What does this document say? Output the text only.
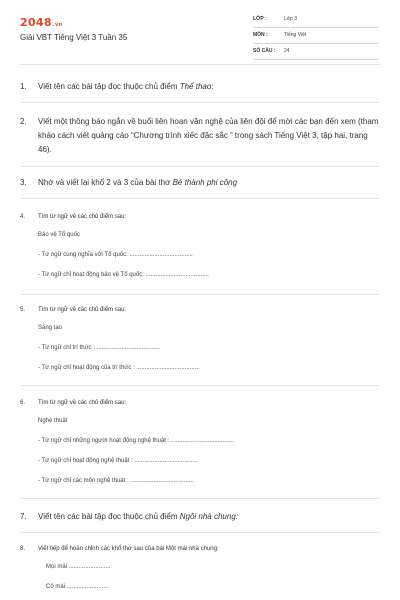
2048.vn
Giải VBT Tiếng Việt 3 Tuần 35
LỚP :	Lớp 3
MÔN :	Tiếng Việt
SỐ CÂU : 24
1. Viết tên các bài tập đọc thuộc chủ điểm Thể thao:
2. Viết một thông báo ngắn về buổi liên hoan văn nghệ của liên đội để mời các bạn đến xem (tham khảo cách viết quảng cáo “Chương trình xiếc đặc sắc ” trong sách Tiếng Việt 3, tập hai, trang 46).
3. Nhớ và viết lại khổ 2 và 3 của bài thơ Bé thành phi công
4. Tìm từ ngữ về các chủ điểm sau:
Bảo vệ Tổ quốc
- Từ ngữ cùng nghĩa với Tổ quốc: ......................................
- Từ ngữ chỉ hoạt động bảo vệ Tổ quốc: ......................................
5. Tìm từ ngữ về các chủ điểm sau:
Sáng tạo
- Từ ngữ chỉ trí thức : ......................................
- Từ ngữ chỉ hoạt động của trí thức : ......................................
6. Tìm từ ngữ về các chủ điểm sau:
Nghệ thuật
- Từ ngữ chỉ những người hoạt động nghệ thuật : ......................................
- Từ ngữ chỉ hoạt động nghệ thuật : ......................................
- Từ ngữ chỉ các môn nghệ thuật : ......................................
7. Viết tên các bài tập đọc thuộc chủ điểm Ngôi nhà chung:
8. Viết tiếp để hoàn chỉnh các khổ thơ sau của bài Một mái nhà chung:
Mọi mái .........................
Cô mái .........................
